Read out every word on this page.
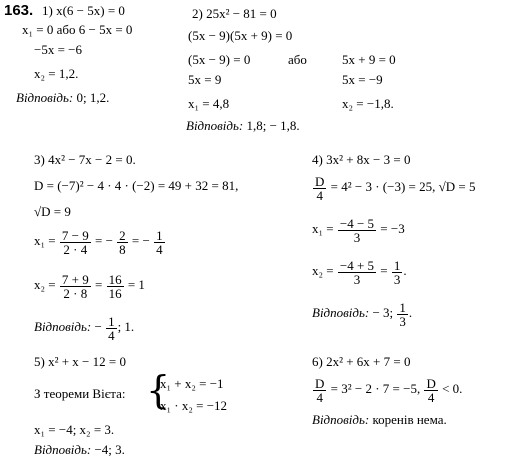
163. 1) x(6 − 5x) = 0
x₁ = 0 або 6 − 5x = 0
−5x = −6
x₂ = 1,2.
Відповідь: 0; 1,2.
2) 25x² − 81 = 0
(5x − 9)(5x + 9) = 0
(5x − 9) = 0	або	5x + 9 = 0
5x = 9	5x = −9
x₁ = 4,8	x₂ = −1,8.
Відповідь: 1,8; − 1,8.
3) 4x² − 7x − 2 = 0.
D = (−7)² − 4 · 4 · (−2) = 49 + 32 = 81,
√D = 9
$x_1 = \frac{7 - 9}{2 \cdot 4}$ = − $\frac{2}{8}$ = − $\frac{1}{4}$
$x_2 = \frac{7 + 9}{2 \cdot 8} = \frac{16}{16} = 1$
Відповідь: − $\frac{1}{4}$ ; 1.
4) 3x² + 8x − 3 = 0
$\frac{D}{4} = 4^2 - 3 \cdot (-3) = 25$, √D = 5
$x_1 = \frac{-4 - 5}{3} = -3$
$x_2 = \frac{-4 + 5}{3} = \frac{1}{3}$ .
Відповідь: − 3; $\frac{1}{3}$ .
5) x² + x − 12 = 0
З теореми Вієта: {
x₁ + x₂ = −1
x₁ · x₂ = −12
x₁ = −4; x₂ = 3.
Відповідь: −4; 3.
6) 2x² + 6x + 7 = 0
$\frac{D}{4} = 3^2 - 2 \cdot 7 = -5$, $\frac{D}{4} < 0$.
Відповідь: коренів нема.
